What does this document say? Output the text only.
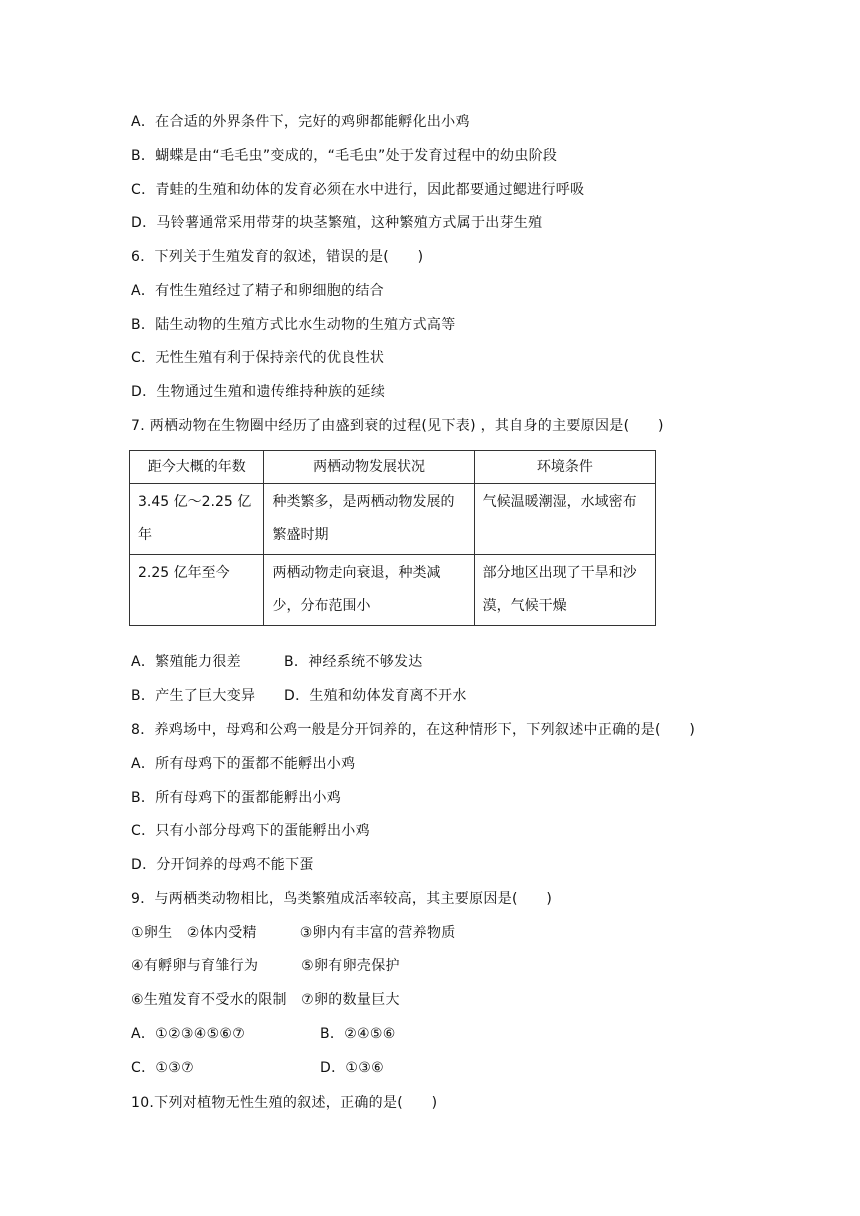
A．在合适的外界条件下，完好的鸡卵都能孵化出小鸡
B．蝴蝶是由“毛毛虫”变成的，“毛毛虫”处于发育过程中的幼虫阶段
C．青蛙的生殖和幼体的发育必须在水中进行，因此都要通过鳃进行呼吸
D．马铃薯通常采用带芽的块茎繁殖，这种繁殖方式属于出芽生殖
6．下列关于生殖发育的叙述，错误的是(　　)
A．有性生殖经过了精子和卵细胞的结合
B．陆生动物的生殖方式比水生动物的生殖方式高等
C．无性生殖有利于保持亲代的优良性状
D．生物通过生殖和遗传维持种族的延续
7. 两栖动物在生物圈中经历了由盛到衰的过程(见下表) ，其自身的主要原因是(　　)
距今大概的年数	两栖动物发展状况	环境条件
3.45 亿～2.25 亿年	种类繁多，是两栖动物发展的繁盛时期	气候温暖潮湿，水域密布
2.25 亿年至今	两栖动物走向衰退，种类减少，分布范围小	部分地区出现了干旱和沙漠，气候干燥
A．繁殖能力很差	B．神经系统不够发达
B．产生了巨大变异 D．生殖和幼体发育离不开水
8．养鸡场中，母鸡和公鸡一般是分开饲养的，在这种情形下，下列叙述中正确的是(　　)
A．所有母鸡下的蛋都不能孵出小鸡
B．所有母鸡下的蛋都能孵出小鸡
C．只有小部分母鸡下的蛋能孵出小鸡
D．分开饲养的母鸡不能下蛋
9．与两栖类动物相比，鸟类繁殖成活率较高，其主要原因是(　　)
①卵生　②体内受精　　　③卵内有丰富的营养物质
④有孵卵与育雏行为　　　⑤卵有卵壳保护
⑥生殖发育不受水的限制　⑦卵的数量巨大
A．①②③④⑤⑥⑦	B．②④⑤⑥
C．①③⑦	D．①③⑥
10.下列对植物无性生殖的叙述，正确的是(　　)
